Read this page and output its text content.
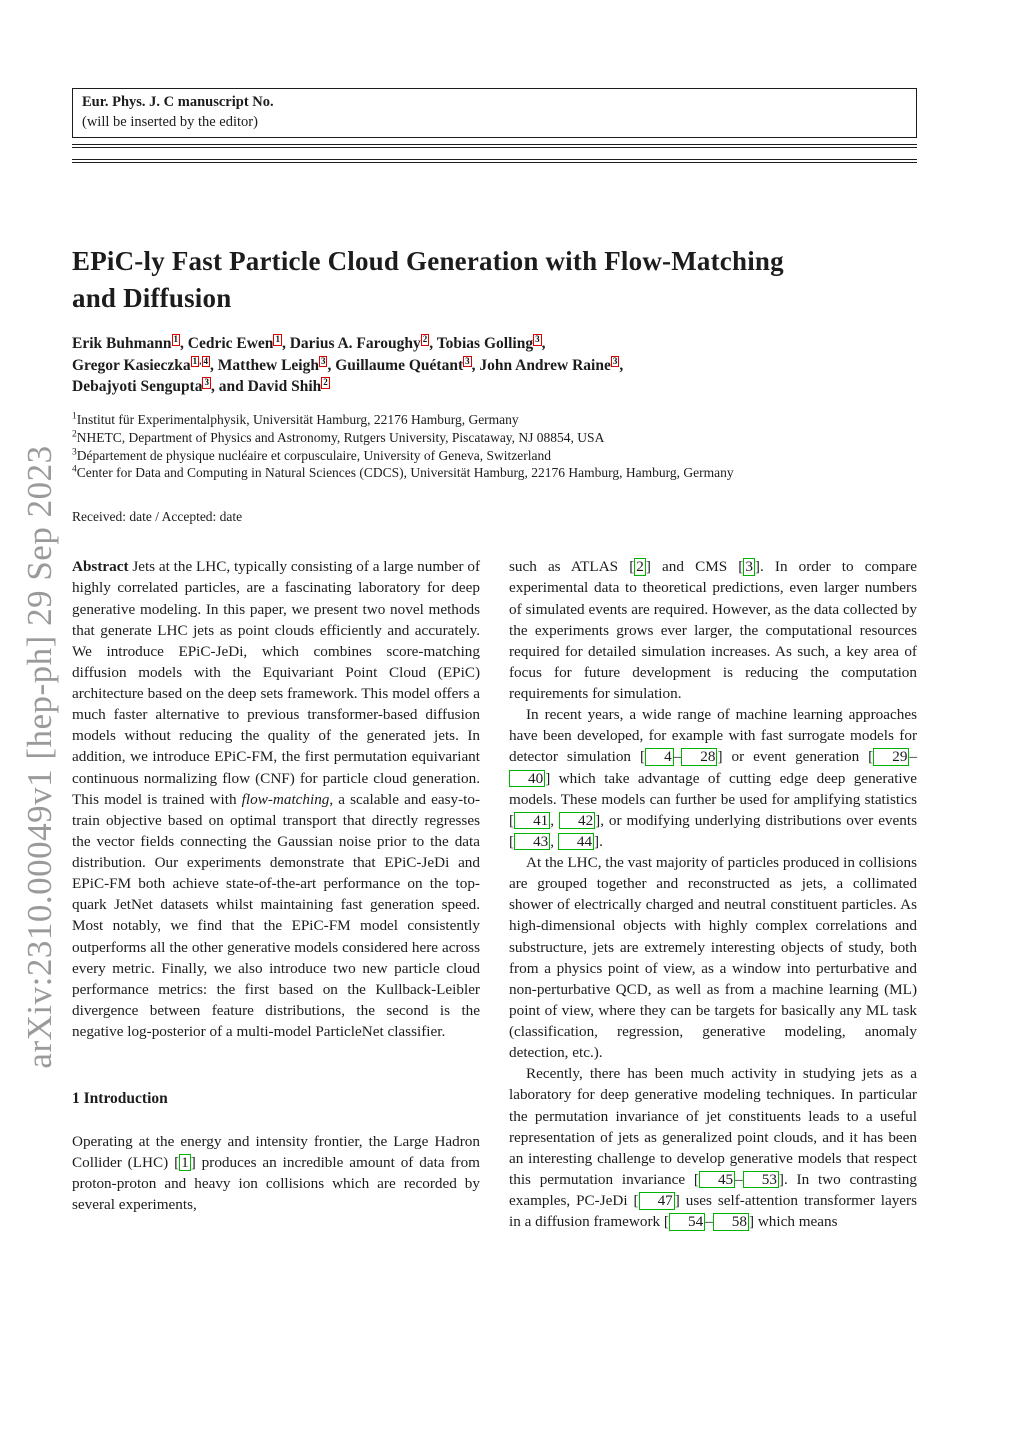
arXiv:2310.00049v1 [hep-ph] 29 Sep 2023
Eur. Phys. J. C manuscript No.
(will be inserted by the editor)
EPiC-ly Fast Particle Cloud Generation with Flow-Matching
and Diffusion
Erik Buhmann $^1$ , Cedric Ewen $^1$ , Darius A. Faroughy $^2$ , Tobias Golling $^3$ ,
Gregor Kasieczka $^1$ , $^4$ , Matthew Leigh $^3$ , Guillaume Quétant $^3$ , John Andrew Raine $^3$ ,
Debajyoti Sengupta $^3$ , and David Shih $^2$
$^1$Institut für Experimentalphysik, Universität Hamburg, 22176 Hamburg, Germany
$^2$NHETC, Department of Physics and Astronomy, Rutgers University, Piscataway, NJ 08854, USA
$^3$Département de physique nucléaire et corpusculaire, University of Geneva, Switzerland
$^4$Center for Data and Computing in Natural Sciences (CDCS), Universität Hamburg, 22176 Hamburg, Hamburg, Germany
Received: date / Accepted: date

Abstract Jets at the LHC, typically consisting of a large number of highly correlated particles, are a fascinating laboratory for deep generative modeling. In this paper, we present two novel methods that generate LHC jets as point clouds efficiently and accurately. We introduce EPiC-JeDi, which combines score-matching diffusion models with the Equivariant Point Cloud (EPiC) architecture based on the deep sets framework. This model offers a much faster alternative to previous transformer-based diffusion models without reducing the quality of the generated jets. In addition, we introduce EPiC-FM, the first permutation equivariant continuous normalizing flow (CNF) for particle cloud generation. This model is trained with flow-matching, a scalable and easy-to-train objective based on optimal transport that directly regresses the vector fields connecting the Gaussian noise prior to the data distribution. Our experiments demonstrate that EPiC-JeDi and EPiC-FM both achieve state-of-the-art performance on the top-quark JetNet datasets whilst maintaining fast generation speed. Most notably, we find that the EPiC-FM model consistently outperforms all the other generative models considered here across every metric. Finally, we also introduce two new particle cloud performance metrics: the first based on the Kullback-Leibler divergence between feature distributions, the second is the negative log-posterior of a multi-model ParticleNet classifier.

1 Introduction

Operating at the energy and intensity frontier, the Large Hadron Collider (LHC) [ 1 ] produces an incredible amount of data from proton-proton and heavy ion collisions which are recorded by several experiments,

such as ATLAS [ 2 ] and CMS [ 3 ]. In order to compare experimental data to theoretical predictions, even larger numbers of simulated events are required. However, as the data collected by the experiments grows ever larger, the computational resources required for detailed simulation increases. As such, a key area of focus for future development is reducing the computation requirements for simulation.

In recent years, a wide range of machine learning approaches have been developed, for example with fast surrogate models for detector simulation [ 4 – 28 ] or event generation [ 29 –40 ] which take advantage of cutting edge deep generative models. These models can further be used for amplifying statistics [ 41 , 42 ], or modifying underlying distributions over events [ 43 , 44 ].

At the LHC, the vast majority of particles produced in collisions are grouped together and reconstructed as jets, a collimated shower of electrically charged and neutral constituent particles. As high-dimensional objects with highly complex correlations and substructure, jets are extremely interesting objects of study, both from a physics point of view, as a window into perturbative and non-perturbative QCD, as well as from a machine learning (ML) point of view, where they can be targets for basically any ML task (classification, regression, generative modeling, anomaly detection, etc.).

Recently, there has been much activity in studying jets as a laboratory for deep generative modeling techniques. In particular the permutation invariance of jet constituents leads to a useful representation of jets as generalized point clouds, and it has been an interesting challenge to develop generative models that respect this permutation invariance [ 45 – 53 ]. In two contrasting examples, PC-JeDi [ 47 ] uses self-attention transformer layers in a diffusion framework [ 54 – 58 ] which means
